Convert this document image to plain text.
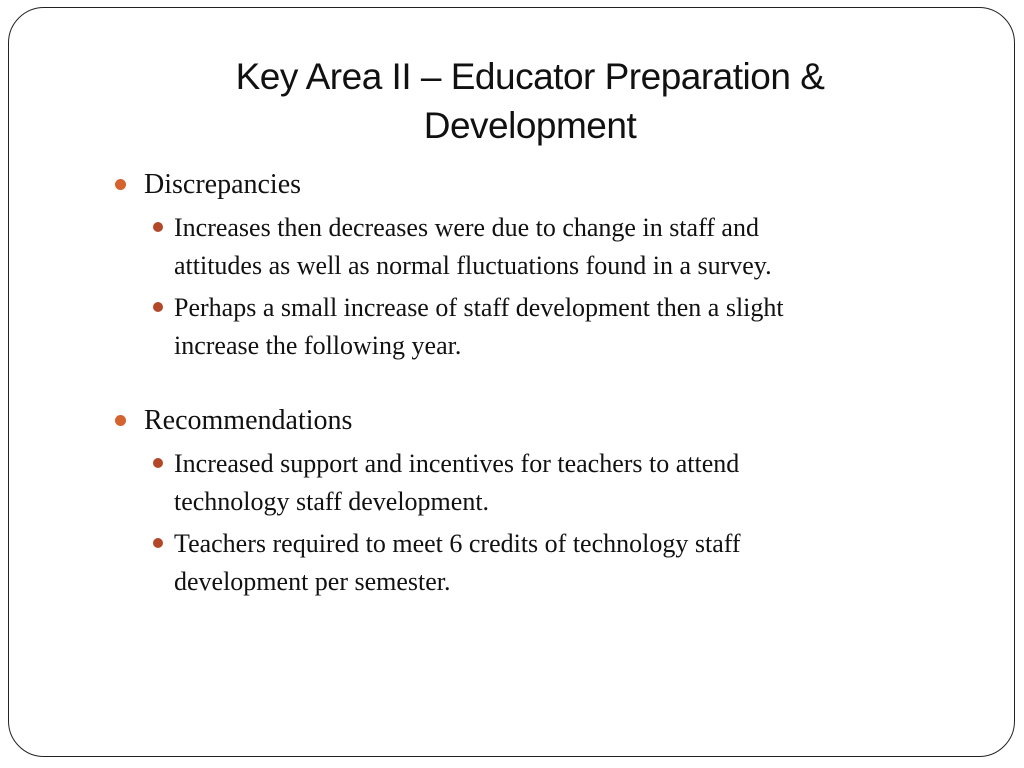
Key Area II – Educator Preparation &
Development
Discrepancies
Increases then decreases were due to change in staff and
attitudes as well as normal fluctuations found in a survey.
Perhaps a small increase of staff development then a slight
increase the following year.
Recommendations
Increased support and incentives for teachers to attend
technology staff development.
Teachers required to meet 6 credits of technology staff
development per semester.
